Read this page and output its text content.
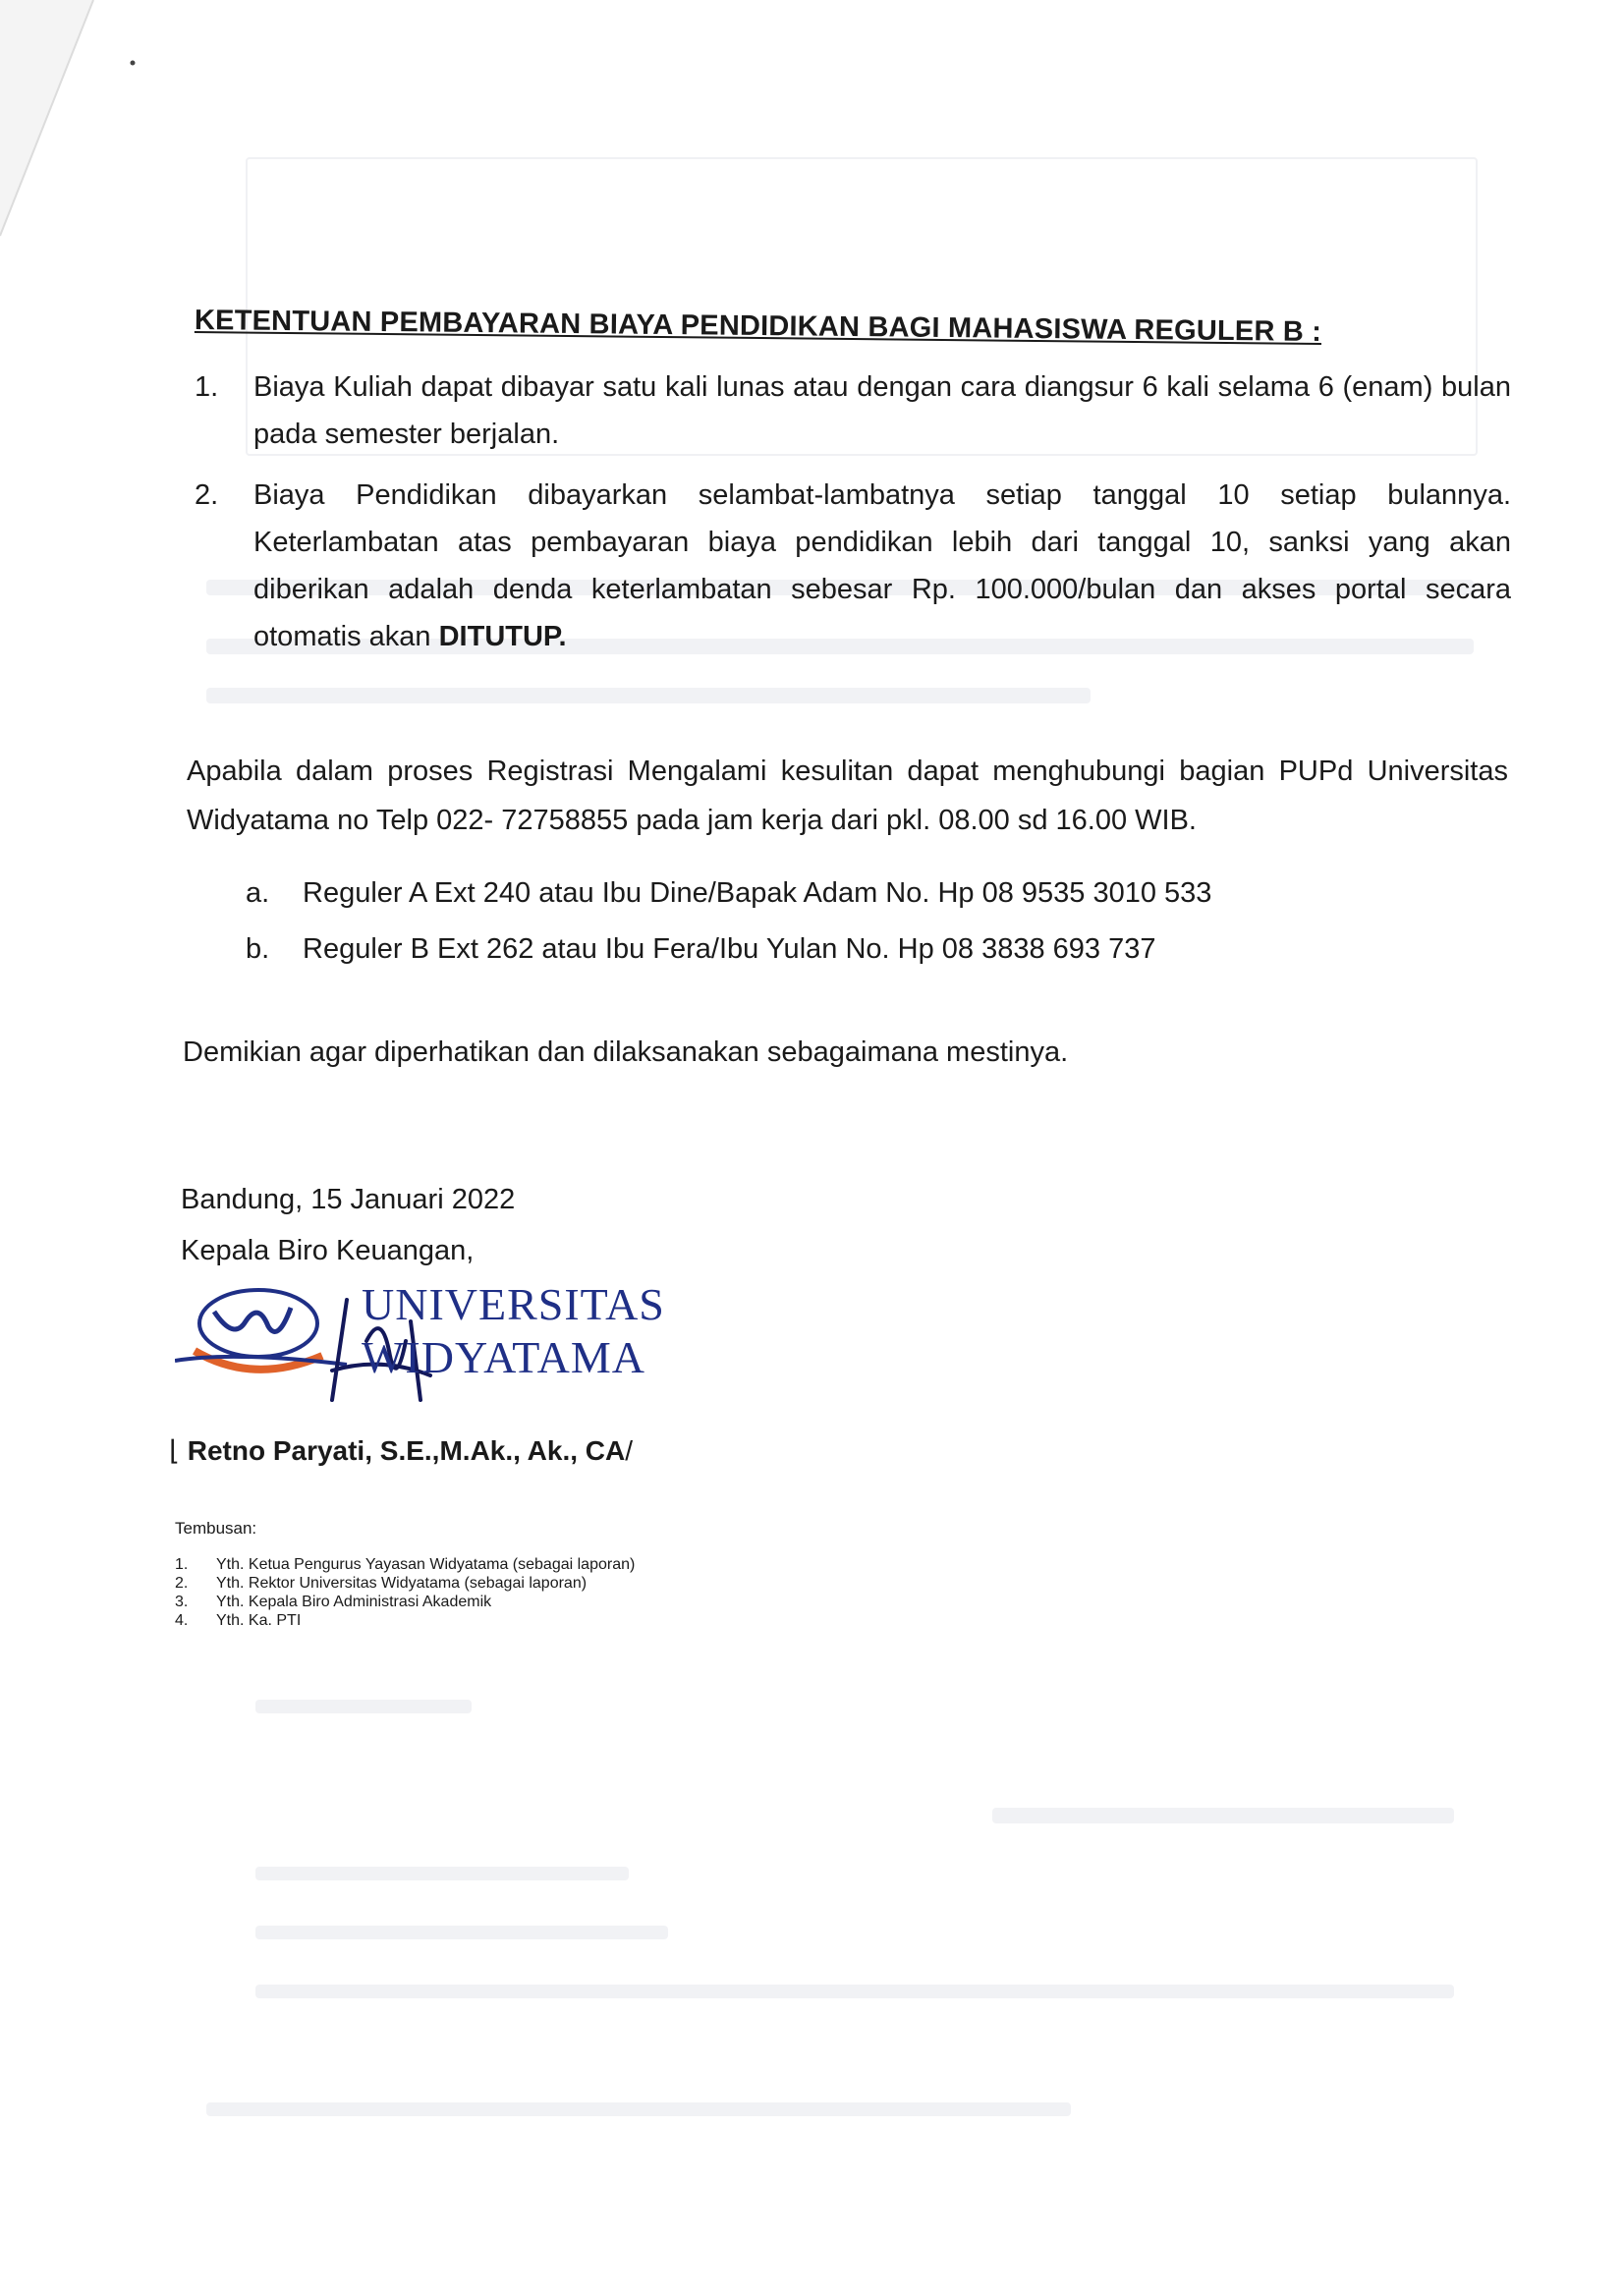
KETENTUAN PEMBAYARAN BIAYA PENDIDIKAN BAGI MAHASISWA REGULER B :
1. Biaya Kuliah dapat dibayar satu kali lunas atau dengan cara diangsur 6 kali selama 6 (enam) bulan pada semester berjalan.
2. Biaya Pendidikan dibayarkan selambat-lambatnya setiap tanggal 10 setiap bulannya. Keterlambatan atas pembayaran biaya pendidikan lebih dari tanggal 10, sanksi yang akan diberikan adalah denda keterlambatan sebesar Rp. 100.000/bulan dan akses portal secara otomatis akan DITUTUP.
Apabila dalam proses Registrasi Mengalami kesulitan dapat menghubungi bagian PUPd Universitas Widyatama no Telp 022- 72758855 pada jam kerja dari pkl. 08.00 sd 16.00 WIB.
a. Reguler A Ext 240 atau Ibu Dine/Bapak Adam No. Hp 08 9535 3010 533
b. Reguler B Ext 262 atau Ibu Fera/Ibu Yulan No. Hp 08 3838 693 737
Demikian agar diperhatikan dan dilaksanakan sebagaimana mestinya.
Bandung, 15 Januari 2022
Kepala Biro Keuangan,
UNIVERSITAS
WIDYATAMA
⌊ Retno Paryati, S.E.,M.Ak., Ak., CA/
Tembusan:
1. Yth. Ketua Pengurus Yayasan Widyatama (sebagai laporan)
2. Yth. Rektor Universitas Widyatama (sebagai laporan)
3. Yth. Kepala Biro Administrasi Akademik
4. Yth. Ka. PTI
